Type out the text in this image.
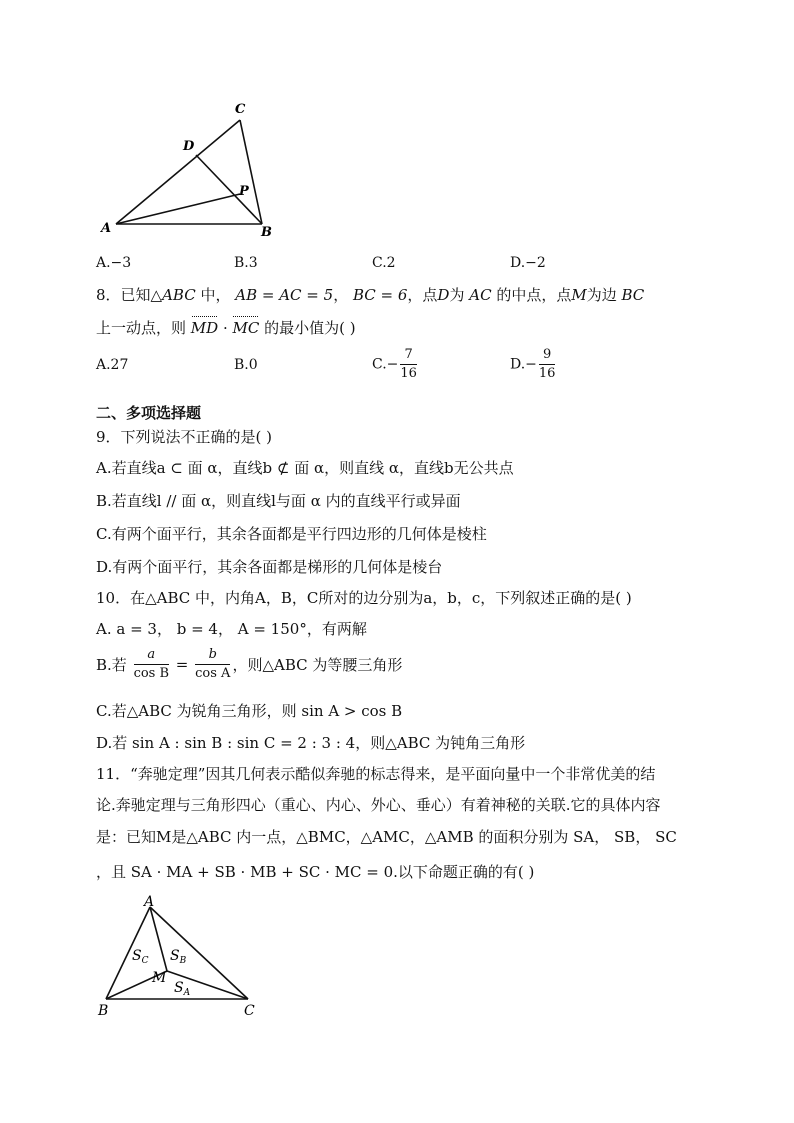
C
D
P
A	B
A.−3	B.3	C.2	D.−2
8．已知△ABC 中， AB = AC = 5， BC = 6，点D为 AC 的中点，点M为边 BC
上一动点，则 MD · MC 的最小值为( )
A.27	B.0	$C.- \frac{7}{16}$	$D.- \frac{9}{16}$
二、多项选择题
9．下列说法不正确的是( )
A.若直线a ⊂ 面 α，直线b ⊄ 面 α，则直线 α，直线b无公共点
B.若直线l // 面 α，则直线l与面 α 内的直线平行或异面
C.有两个面平行，其余各面都是平行四边形的几何体是棱柱
D.有两个面平行，其余各面都是梯形的几何体是棱台
10．在△ABC 中，内角A，B，C所对的边分别为a，b，c，下列叙述正确的是( )
A. a = 3， b = 4， A = 150°，有两解
B.若 $\frac{a}{\text{cos B}} = \frac{b}{\text{cos A}}$ ，则△ABC 为等腰三角形
C.若△ABC 为锐角三角形，则 sin A > cos B
D.若 sin A : sin B : sin C = 2 : 3 : 4，则△ABC 为钝角三角形
11．“奔驰定理”因其几何表示酷似奔驰的标志得来，是平面向量中一个非常优美的结
论.奔驰定理与三角形四心（重心、内心、外心、垂心）有着神秘的关联.它的具体内容
是：已知M是△ABC 内一点，△BMC，△AMC，△AMB 的面积分别为 SA， SB， SC
，且 SA · MA + SB · MB + SC · MC = 0.以下命题正确的有( )
A
B	C
M
$S_C$ $S_B$
$S_A$
